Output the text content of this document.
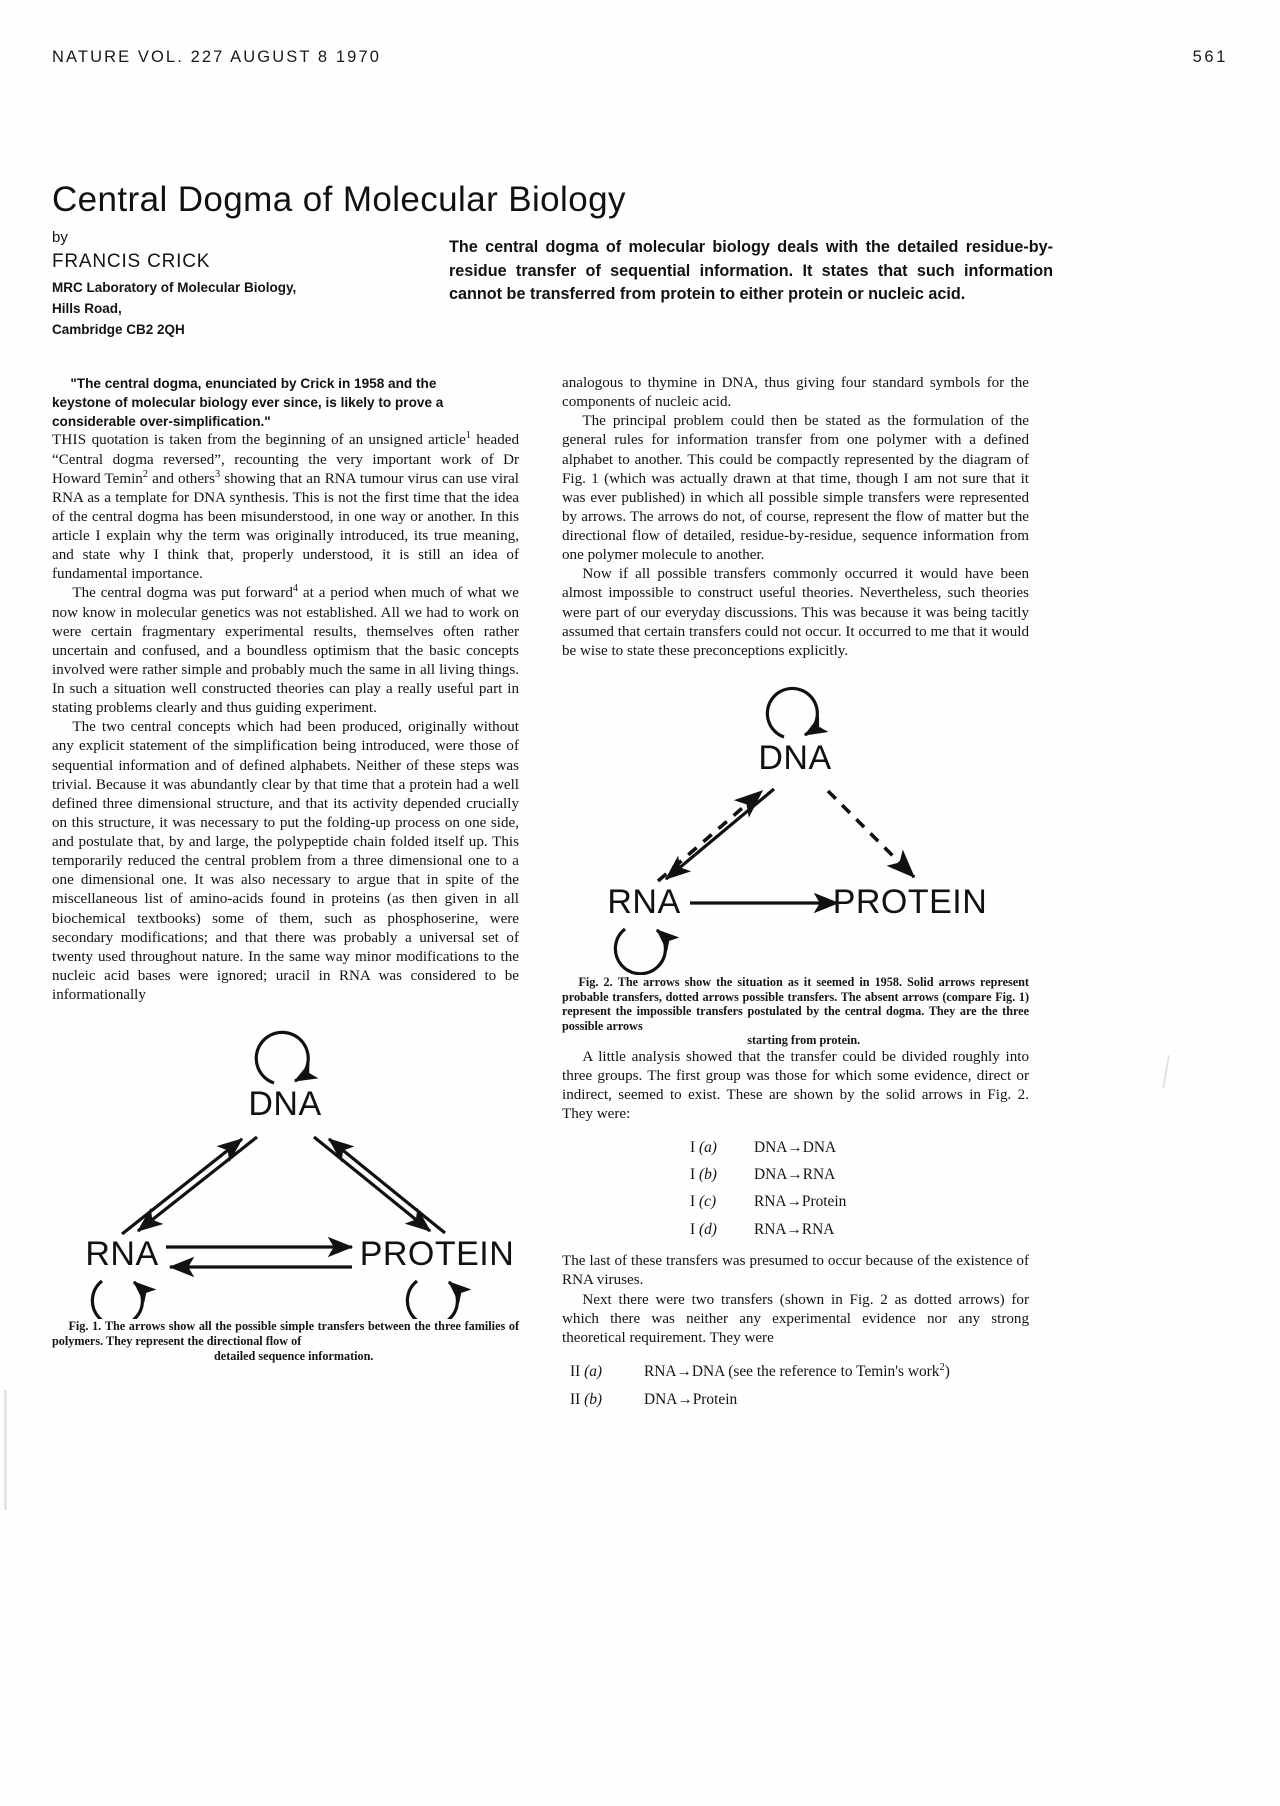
NATURE VOL. 227 AUGUST 8 1970	561
Central Dogma of Molecular Biology
by
FRANCIS CRICK
MRC Laboratory of Molecular Biology,
Hills Road,
Cambridge CB2 2QH
The central dogma of molecular biology deals with the detailed residue-by-residue transfer of sequential information. It states that such information cannot be transferred from protein to either protein or nucleic acid.

"The central dogma, enunciated by Crick in 1958 and the keystone of molecular biology ever since, is likely to prove a considerable over-simplification."

THIS quotation is taken from the beginning of an unsigned article$^1$ headed “Central dogma reversed”, recounting the very important work of Dr Howard Temin$^2$ and others$^3$ showing that an RNA tumour virus can use viral RNA as a template for DNA synthesis. This is not the first time that the idea of the central dogma has been misunderstood, in one way or another. In this article I explain why the term was originally introduced, its true meaning, and state why I think that, properly understood, it is still an idea of fundamental importance.

The central dogma was put forward$^4$ at a period when much of what we now know in molecular genetics was not established. All we had to work on were certain fragmentary experimental results, themselves often rather uncertain and confused, and a boundless optimism that the basic concepts involved were rather simple and probably much the same in all living things. In such a situation well constructed theories can play a really useful part in stating problems clearly and thus guiding experiment.

The two central concepts which had been produced, originally without any explicit statement of the simplification being introduced, were those of sequential information and of defined alphabets. Neither of these steps was trivial. Because it was abundantly clear by that time that a protein had a well defined three dimensional structure, and that its activity depended crucially on this structure, it was necessary to put the folding-up process on one side, and postulate that, by and large, the polypeptide chain folded itself up. This temporarily reduced the central problem from a three dimensional one to a one dimensional one. It was also necessary to argue that in spite of the miscellaneous list of amino-acids found in proteins (as then given in all biochemical textbooks) some of them, such as phosphoserine, were secondary modifications; and that there was probably a universal set of twenty used throughout nature. In the same way minor modifications to the nucleic acid bases were ignored; uracil in RNA was considered to be informationally

DNA
RNA	PROTEIN

Fig. 1. The arrows show all the possible simple transfers between the three families of polymers. They represent the directional flow of
detailed sequence information.

analogous to thymine in DNA, thus giving four standard symbols for the components of nucleic acid.

The principal problem could then be stated as the formulation of the general rules for information transfer from one polymer with a defined alphabet to another. This could be compactly represented by the diagram of Fig. 1 (which was actually drawn at that time, though I am not sure that it was ever published) in which all possible simple transfers were represented by arrows. The arrows do not, of course, represent the flow of matter but the directional flow of detailed, residue-by-residue, sequence information from one polymer molecule to another.

Now if all possible transfers commonly occurred it would have been almost impossible to construct useful theories. Nevertheless, such theories were part of our everyday discussions. This was because it was being tacitly assumed that certain transfers could not occur. It occurred to me that it would be wise to state these preconceptions explicitly.

DNA
RNA	PROTEIN

Fig. 2. The arrows show the situation as it seemed in 1958. Solid arrows represent probable transfers, dotted arrows possible transfers. The absent arrows (compare Fig. 1) represent the impossible transfers postulated by the central dogma. They are the three possible arrows
starting from protein.

A little analysis showed that the transfer could be divided roughly into three groups. The first group was those for which some evidence, direct or indirect, seemed to exist. These are shown by the solid arrows in Fig. 2. They were:

I (a)	DNA→DNA
I (b)	DNA→RNA
I (c)	RNA→Protein
I (d)	RNA→RNA

The last of these transfers was presumed to occur because of the existence of RNA viruses.

Next there were two transfers (shown in Fig. 2 as dotted arrows) for which there was neither any experimental evidence nor any strong theoretical requirement. They were

II (a)	RNA→DNA (see the reference to Temin's work$^2$)
II (b)	DNA→Protein
